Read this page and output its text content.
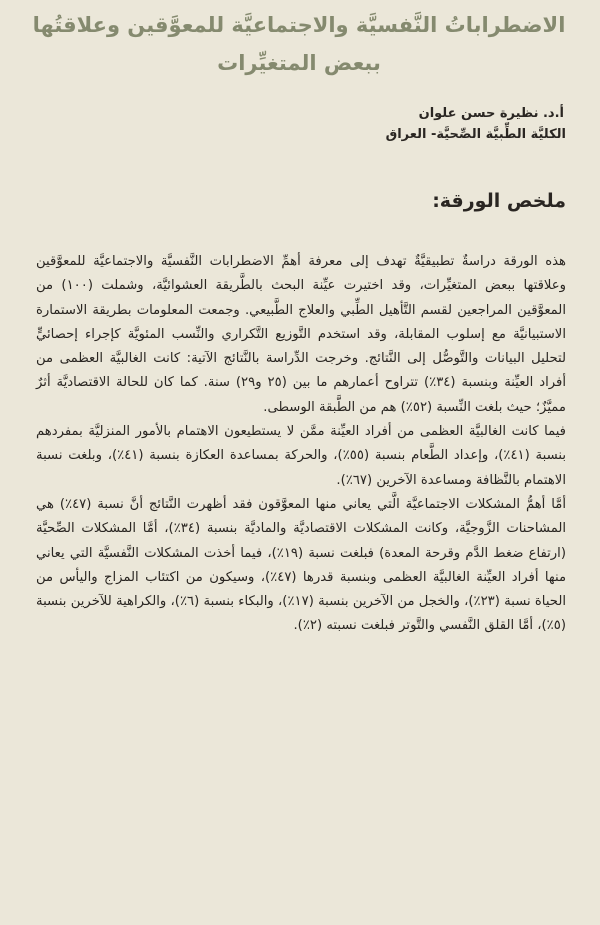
الاضطراباتُ النَّفسيَّة والاجتماعيَّة للمعوَّقين وعلاقتُها ببعض المتغيِّرات
أ.د. نظيرة حسن علوان
الكليَّة الطِّبيَّة الصِّحيَّة- العراق
ملخص الورقة:

هذه الورقة دراسةٌ تطبيقيَّةٌ تهدف إلى معرفة أهمِّ الاضطرابات النَّفسيَّة والاجتماعيَّة للمعوَّقين وعلاقتها ببعض المتغيِّرات، وقد اختيرت عيِّنة البحث بالطَّريقة العشوائيَّة، وشملت (١٠٠) من المعوَّقين المراجعين لقسم التَّأهيل الطِّبي والعلاج الطَّبيعي. وجمعت المعلومات بطريقة الاستمارة الاستبيانيَّة مع إسلوب المقابلة، وقد استخدم التَّوزيع التَّكراري والنِّسب المئويَّة كإجراء إحصائيٍّ لتحليل البيانات والتَّوصُّل إلى النَّتائج. وخرجت الدِّراسة بالنَّتائج الآتية: كانت الغالبيَّة العظمى من أفراد العيِّنة وبنسبة (٣٤٪) تتراوح أعمارهم ما بين (٢٥ و٢٩) سنة. كما كان للحالة الاقتصاديَّة أثرٌ مميَّزٌ؛ حيث بلغت النِّسبة (٥٢٪) هم من الطَّبقة الوسطى.

فيما كانت الغالبيَّة العظمى من أفراد العيِّنة ممَّن لا يستطيعون الاهتمام بالأمور المنزليَّة بمفردهم بنسبة (٤١٪)، وإعداد الطَّعام بنسبة (٥٥٪)، والحركة بمساعدة العكازة بنسبة (٤١٪)، وبلغت نسبة الاهتمام بالنَّظافة ومساعدة الآخرين (٦٧٪).

أمَّا أهمُّ المشكلات الاجتماعيَّة الَّتي يعاني منها المعوَّقون فقد أظهرت النَّتائج أنَّ نسبة (٤٧٪) هي المشاحنات الزَّوجيَّة، وكانت المشكلات الاقتصاديَّة والماديَّة بنسبة (٣٤٪)، أمَّا المشكلات الصِّحيَّة (ارتفاع ضغط الدَّم وقرحة المعدة) فبلغت نسبة (١٩٪)، فيما أخذت المشكلات النَّفسيَّة التي يعاني منها أفراد العيِّنة الغالبيَّة العظمى وبنسبة قدرها (٤٧٪)، وسيكون من اكتئاب المزاج واليأس من الحياة نسبة (٢٣٪)، والخجل من الآخرين بنسبة (١٧٪)، والبكاء بنسبة (٦٪)، والكراهية للآخرين بنسبة (٥٪)، أمَّا القلق النَّفسي والتَّوتر فبلغت نسبته (٢٪).
